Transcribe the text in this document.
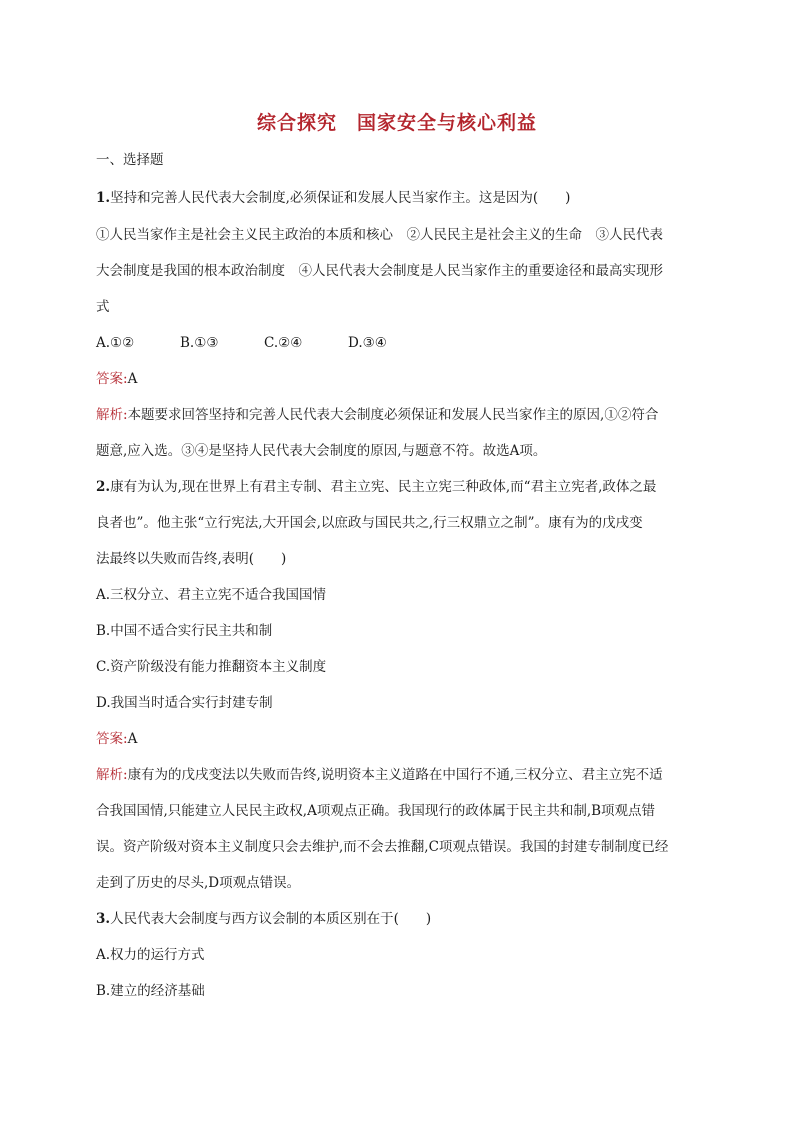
综合探究　国家安全与核心利益
一、选择题
1.坚持和完善人民代表大会制度,必须保证和发展人民当家作主。这是因为(　　)
①人民当家作主是社会主义民主政治的本质和核心　②人民民主是社会主义的生命　③人民代表
大会制度是我国的根本政治制度　④人民代表大会制度是人民当家作主的重要途径和最高实现形
式
A.①②	B.①③	C.②④	D.③④
答案:A
解析:本题要求回答坚持和完善人民代表大会制度必须保证和发展人民当家作主的原因,①②符合
题意,应入选。③④是坚持人民代表大会制度的原因,与题意不符。故选A项。
2.康有为认为,现在世界上有君主专制、君主立宪、民主立宪三种政体,而“君主立宪者,政体之最
良者也”。他主张“立行宪法,大开国会,以庶政与国民共之,行三权鼎立之制”。康有为的戊戌变
法最终以失败而告终,表明(　　)
A.三权分立、君主立宪不适合我国国情
B.中国不适合实行民主共和制
C.资产阶级没有能力推翻资本主义制度
D.我国当时适合实行封建专制
答案:A
解析:康有为的戊戌变法以失败而告终,说明资本主义道路在中国行不通,三权分立、君主立宪不适
合我国国情,只能建立人民民主政权,A项观点正确。我国现行的政体属于民主共和制,B项观点错
误。资产阶级对资本主义制度只会去维护,而不会去推翻,C项观点错误。我国的封建专制制度已经
走到了历史的尽头,D项观点错误。
3.人民代表大会制度与西方议会制的本质区别在于(　　)
A.权力的运行方式
B.建立的经济基础
